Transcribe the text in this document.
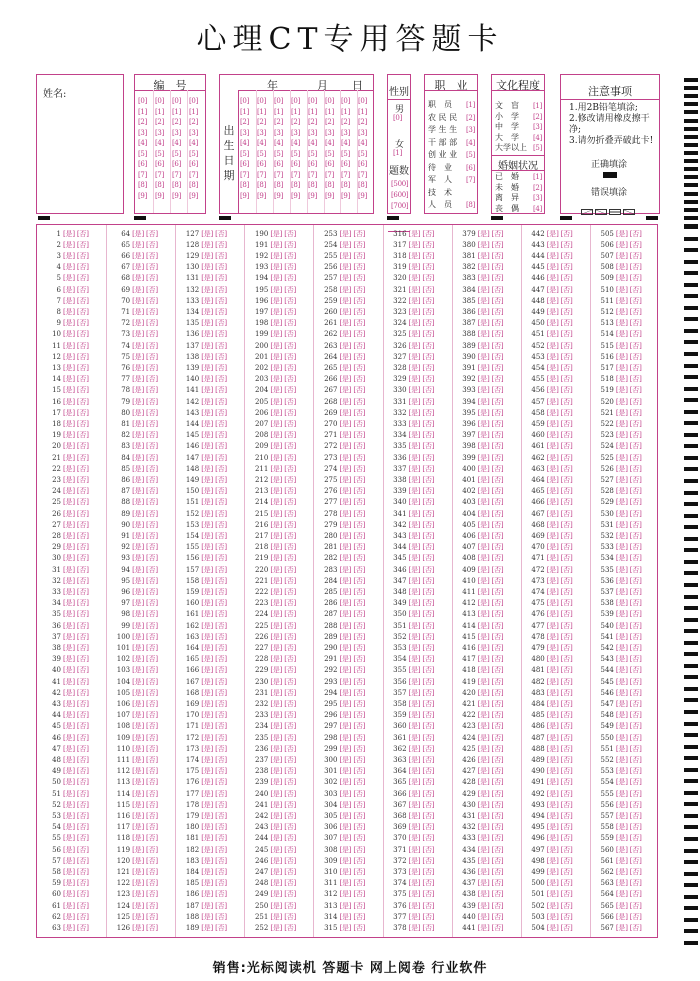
心理CT专用答题卡
姓名:
编　号
[0]
[1]
[2]
[3]
[4]
[5]
[6]
[7]
[8]
[9]
[0]
[1]
[2]
[3]
[4]
[5]
[6]
[7]
[8]
[9]
[0]
[1]
[2]
[3]
[4]
[5]
[6]
[7]
[8]
[9]
[0]
[1]
[2]
[3]
[4]
[5]
[6]
[7]
[8]
[9]
年	月 日
出
生
日
期
[0]
[1]
[2]
[3]
[4]
[5]
[6]
[7]
[8]
[9]
[0]
[1]
[2]
[3]
[4]
[5]
[6]
[7]
[8]
[9]
[0]
[1]
[2]
[3]
[4]
[5]
[6]
[7]
[8]
[9]
[0]
[1]
[2]
[3]
[4]
[5]
[6]
[7]
[8]
[9]
[0]
[1]
[2]
[3]
[4]
[5]
[6]
[7]
[8]
[9]
[0]
[1]
[2]
[3]
[4]
[5]
[6]
[7]
[8]
[9]
[0]
[1]
[2]
[3]
[4]
[5]
[6]
[7]
[8]
[9]
[0]
[1]
[2]
[3]
[4]
[5]
[6]
[7]
[8]
[9]
性别
男
[0]
女
[1]
题数
[500]
[600]
[700]
职　业
职　员 [1]
农 民 民 [2]
学 生 生 [3]
干 部 部 [4]
创 业 业 [5]
待　业 [6]
军　人 [7]
技　术
人　员 [8]
文化程度
文　盲 [1]
小　学 [2]
中　学 [3]
大　学 [4]
大学以上 [5]
婚姻状况
已　婚 [1]
未　婚 [2]
离　异 [3]
丧　偶 [4]
注意事项
1.用2B铅笔填涂;
2.修改请用橡皮擦干净;
3.请勿折叠弄破此卡!
正确填涂
错误填涂
1 [是] [否]
2 [是] [否]
3 [是] [否]
4 [是] [否]
5 [是] [否]
6 [是] [否]
7 [是] [否]
8 [是] [否]
9 [是] [否]
10 [是] [否]
11 [是] [否]
12 [是] [否]
13 [是] [否]
14 [是] [否]
15 [是] [否]
16 [是] [否]
17 [是] [否]
18 [是] [否]
19 [是] [否]
20 [是] [否]
21 [是] [否]
22 [是] [否]
23 [是] [否]
24 [是] [否]
25 [是] [否]
26 [是] [否]
27 [是] [否]
28 [是] [否]
29 [是] [否]
30 [是] [否]
31 [是] [否]
32 [是] [否]
33 [是] [否]
34 [是] [否]
35 [是] [否]
36 [是] [否]
37 [是] [否]
38 [是] [否]
39 [是] [否]
40 [是] [否]
41 [是] [否]
42 [是] [否]
43 [是] [否]
44 [是] [否]
45 [是] [否]
46 [是] [否]
47 [是] [否]
48 [是] [否]
49 [是] [否]
50 [是] [否]
51 [是] [否]
52 [是] [否]
53 [是] [否]
54 [是] [否]
55 [是] [否]
56 [是] [否]
57 [是] [否]
58 [是] [否]
59 [是] [否]
60 [是] [否]
61 [是] [否]
62 [是] [否]
63 [是] [否]
64 [是] [否]
65 [是] [否]
66 [是] [否]
67 [是] [否]
68 [是] [否]
69 [是] [否]
70 [是] [否]
71 [是] [否]
72 [是] [否]
73 [是] [否]
74 [是] [否]
75 [是] [否]
76 [是] [否]
77 [是] [否]
78 [是] [否]
79 [是] [否]
80 [是] [否]
81 [是] [否]
82 [是] [否]
83 [是] [否]
84 [是] [否]
85 [是] [否]
86 [是] [否]
87 [是] [否]
88 [是] [否]
89 [是] [否]
90 [是] [否]
91 [是] [否]
92 [是] [否]
93 [是] [否]
94 [是] [否]
95 [是] [否]
96 [是] [否]
97 [是] [否]
98 [是] [否]
99 [是] [否]
100 [是] [否]
101 [是] [否]
102 [是] [否]
103 [是] [否]
104 [是] [否]
105 [是] [否]
106 [是] [否]
107 [是] [否]
108 [是] [否]
109 [是] [否]
110 [是] [否]
111 [是] [否]
112 [是] [否]
113 [是] [否]
114 [是] [否]
115 [是] [否]
116 [是] [否]
117 [是] [否]
118 [是] [否]
119 [是] [否]
120 [是] [否]
121 [是] [否]
122 [是] [否]
123 [是] [否]
124 [是] [否]
125 [是] [否]
126 [是] [否]
127 [是] [否]
128 [是] [否]
129 [是] [否]
130 [是] [否]
131 [是] [否]
132 [是] [否]
133 [是] [否]
134 [是] [否]
135 [是] [否]
136 [是] [否]
137 [是] [否]
138 [是] [否]
139 [是] [否]
140 [是] [否]
141 [是] [否]
142 [是] [否]
143 [是] [否]
144 [是] [否]
145 [是] [否]
146 [是] [否]
147 [是] [否]
148 [是] [否]
149 [是] [否]
150 [是] [否]
151 [是] [否]
152 [是] [否]
153 [是] [否]
154 [是] [否]
155 [是] [否]
156 [是] [否]
157 [是] [否]
158 [是] [否]
159 [是] [否]
160 [是] [否]
161 [是] [否]
162 [是] [否]
163 [是] [否]
164 [是] [否]
165 [是] [否]
166 [是] [否]
167 [是] [否]
168 [是] [否]
169 [是] [否]
170 [是] [否]
171 [是] [否]
172 [是] [否]
173 [是] [否]
174 [是] [否]
175 [是] [否]
176 [是] [否]
177 [是] [否]
178 [是] [否]
179 [是] [否]
180 [是] [否]
181 [是] [否]
182 [是] [否]
183 [是] [否]
184 [是] [否]
185 [是] [否]
186 [是] [否]
187 [是] [否]
188 [是] [否]
189 [是] [否]
190 [是] [否]
191 [是] [否]
192 [是] [否]
193 [是] [否]
194 [是] [否]
195 [是] [否]
196 [是] [否]
197 [是] [否]
198 [是] [否]
199 [是] [否]
200 [是] [否]
201 [是] [否]
202 [是] [否]
203 [是] [否]
204 [是] [否]
205 [是] [否]
206 [是] [否]
207 [是] [否]
208 [是] [否]
209 [是] [否]
210 [是] [否]
211 [是] [否]
212 [是] [否]
213 [是] [否]
214 [是] [否]
215 [是] [否]
216 [是] [否]
217 [是] [否]
218 [是] [否]
219 [是] [否]
220 [是] [否]
221 [是] [否]
222 [是] [否]
223 [是] [否]
224 [是] [否]
225 [是] [否]
226 [是] [否]
227 [是] [否]
228 [是] [否]
229 [是] [否]
230 [是] [否]
231 [是] [否]
232 [是] [否]
233 [是] [否]
234 [是] [否]
235 [是] [否]
236 [是] [否]
237 [是] [否]
238 [是] [否]
239 [是] [否]
240 [是] [否]
241 [是] [否]
242 [是] [否]
243 [是] [否]
244 [是] [否]
245 [是] [否]
246 [是] [否]
247 [是] [否]
248 [是] [否]
249 [是] [否]
250 [是] [否]
251 [是] [否]
252 [是] [否]
253 [是] [否]
254 [是] [否]
255 [是] [否]
256 [是] [否]
257 [是] [否]
258 [是] [否]
259 [是] [否]
260 [是] [否]
261 [是] [否]
262 [是] [否]
263 [是] [否]
264 [是] [否]
265 [是] [否]
266 [是] [否]
267 [是] [否]
268 [是] [否]
269 [是] [否]
270 [是] [否]
271 [是] [否]
272 [是] [否]
273 [是] [否]
274 [是] [否]
275 [是] [否]
276 [是] [否]
277 [是] [否]
278 [是] [否]
279 [是] [否]
280 [是] [否]
281 [是] [否]
282 [是] [否]
283 [是] [否]
284 [是] [否]
285 [是] [否]
286 [是] [否]
287 [是] [否]
288 [是] [否]
289 [是] [否]
290 [是] [否]
291 [是] [否]
292 [是] [否]
293 [是] [否]
294 [是] [否]
295 [是] [否]
296 [是] [否]
297 [是] [否]
298 [是] [否]
299 [是] [否]
300 [是] [否]
301 [是] [否]
302 [是] [否]
303 [是] [否]
304 [是] [否]
305 [是] [否]
306 [是] [否]
307 [是] [否]
308 [是] [否]
309 [是] [否]
310 [是] [否]
311 [是] [否]
312 [是] [否]
313 [是] [否]
314 [是] [否]
315 [是] [否]
316 [是] [否]
317 [是] [否]
318 [是] [否]
319 [是] [否]
320 [是] [否]
321 [是] [否]
322 [是] [否]
323 [是] [否]
324 [是] [否]
325 [是] [否]
326 [是] [否]
327 [是] [否]
328 [是] [否]
329 [是] [否]
330 [是] [否]
331 [是] [否]
332 [是] [否]
333 [是] [否]
334 [是] [否]
335 [是] [否]
336 [是] [否]
337 [是] [否]
338 [是] [否]
339 [是] [否]
340 [是] [否]
341 [是] [否]
342 [是] [否]
343 [是] [否]
344 [是] [否]
345 [是] [否]
346 [是] [否]
347 [是] [否]
348 [是] [否]
349 [是] [否]
350 [是] [否]
351 [是] [否]
352 [是] [否]
353 [是] [否]
354 [是] [否]
355 [是] [否]
356 [是] [否]
357 [是] [否]
358 [是] [否]
359 [是] [否]
360 [是] [否]
361 [是] [否]
362 [是] [否]
363 [是] [否]
364 [是] [否]
365 [是] [否]
366 [是] [否]
367 [是] [否]
368 [是] [否]
369 [是] [否]
370 [是] [否]
371 [是] [否]
372 [是] [否]
373 [是] [否]
374 [是] [否]
375 [是] [否]
376 [是] [否]
377 [是] [否]
378 [是] [否]
379 [是] [否]
380 [是] [否]
381 [是] [否]
382 [是] [否]
383 [是] [否]
384 [是] [否]
385 [是] [否]
386 [是] [否]
387 [是] [否]
388 [是] [否]
389 [是] [否]
390 [是] [否]
391 [是] [否]
392 [是] [否]
393 [是] [否]
394 [是] [否]
395 [是] [否]
396 [是] [否]
397 [是] [否]
398 [是] [否]
399 [是] [否]
400 [是] [否]
401 [是] [否]
402 [是] [否]
403 [是] [否]
404 [是] [否]
405 [是] [否]
406 [是] [否]
407 [是] [否]
408 [是] [否]
409 [是] [否]
410 [是] [否]
411 [是] [否]
412 [是] [否]
413 [是] [否]
414 [是] [否]
415 [是] [否]
416 [是] [否]
417 [是] [否]
418 [是] [否]
419 [是] [否]
420 [是] [否]
421 [是] [否]
422 [是] [否]
423 [是] [否]
424 [是] [否]
425 [是] [否]
426 [是] [否]
427 [是] [否]
428 [是] [否]
429 [是] [否]
430 [是] [否]
431 [是] [否]
432 [是] [否]
433 [是] [否]
434 [是] [否]
435 [是] [否]
436 [是] [否]
437 [是] [否]
438 [是] [否]
439 [是] [否]
440 [是] [否]
441 [是] [否]
442 [是] [否]
443 [是] [否]
444 [是] [否]
445 [是] [否]
446 [是] [否]
447 [是] [否]
448 [是] [否]
449 [是] [否]
450 [是] [否]
451 [是] [否]
452 [是] [否]
453 [是] [否]
454 [是] [否]
455 [是] [否]
456 [是] [否]
457 [是] [否]
458 [是] [否]
459 [是] [否]
460 [是] [否]
461 [是] [否]
462 [是] [否]
463 [是] [否]
464 [是] [否]
465 [是] [否]
466 [是] [否]
467 [是] [否]
468 [是] [否]
469 [是] [否]
470 [是] [否]
471 [是] [否]
472 [是] [否]
473 [是] [否]
474 [是] [否]
475 [是] [否]
476 [是] [否]
477 [是] [否]
478 [是] [否]
479 [是] [否]
480 [是] [否]
481 [是] [否]
482 [是] [否]
483 [是] [否]
484 [是] [否]
485 [是] [否]
486 [是] [否]
487 [是] [否]
488 [是] [否]
489 [是] [否]
490 [是] [否]
491 [是] [否]
492 [是] [否]
493 [是] [否]
494 [是] [否]
495 [是] [否]
496 [是] [否]
497 [是] [否]
498 [是] [否]
499 [是] [否]
500 [是] [否]
501 [是] [否]
502 [是] [否]
503 [是] [否]
504 [是] [否]
505 [是] [否]
506 [是] [否]
507 [是] [否]
508 [是] [否]
509 [是] [否]
510 [是] [否]
511 [是] [否]
512 [是] [否]
513 [是] [否]
514 [是] [否]
515 [是] [否]
516 [是] [否]
517 [是] [否]
518 [是] [否]
519 [是] [否]
520 [是] [否]
521 [是] [否]
522 [是] [否]
523 [是] [否]
524 [是] [否]
525 [是] [否]
526 [是] [否]
527 [是] [否]
528 [是] [否]
529 [是] [否]
530 [是] [否]
531 [是] [否]
532 [是] [否]
533 [是] [否]
534 [是] [否]
535 [是] [否]
536 [是] [否]
537 [是] [否]
538 [是] [否]
539 [是] [否]
540 [是] [否]
541 [是] [否]
542 [是] [否]
543 [是] [否]
544 [是] [否]
545 [是] [否]
546 [是] [否]
547 [是] [否]
548 [是] [否]
549 [是] [否]
550 [是] [否]
551 [是] [否]
552 [是] [否]
553 [是] [否]
554 [是] [否]
555 [是] [否]
556 [是] [否]
557 [是] [否]
558 [是] [否]
559 [是] [否]
560 [是] [否]
561 [是] [否]
562 [是] [否]
563 [是] [否]
564 [是] [否]
565 [是] [否]
566 [是] [否]
567 [是] [否]
销售:光标阅读机 答题卡 网上阅卷 行业软件
